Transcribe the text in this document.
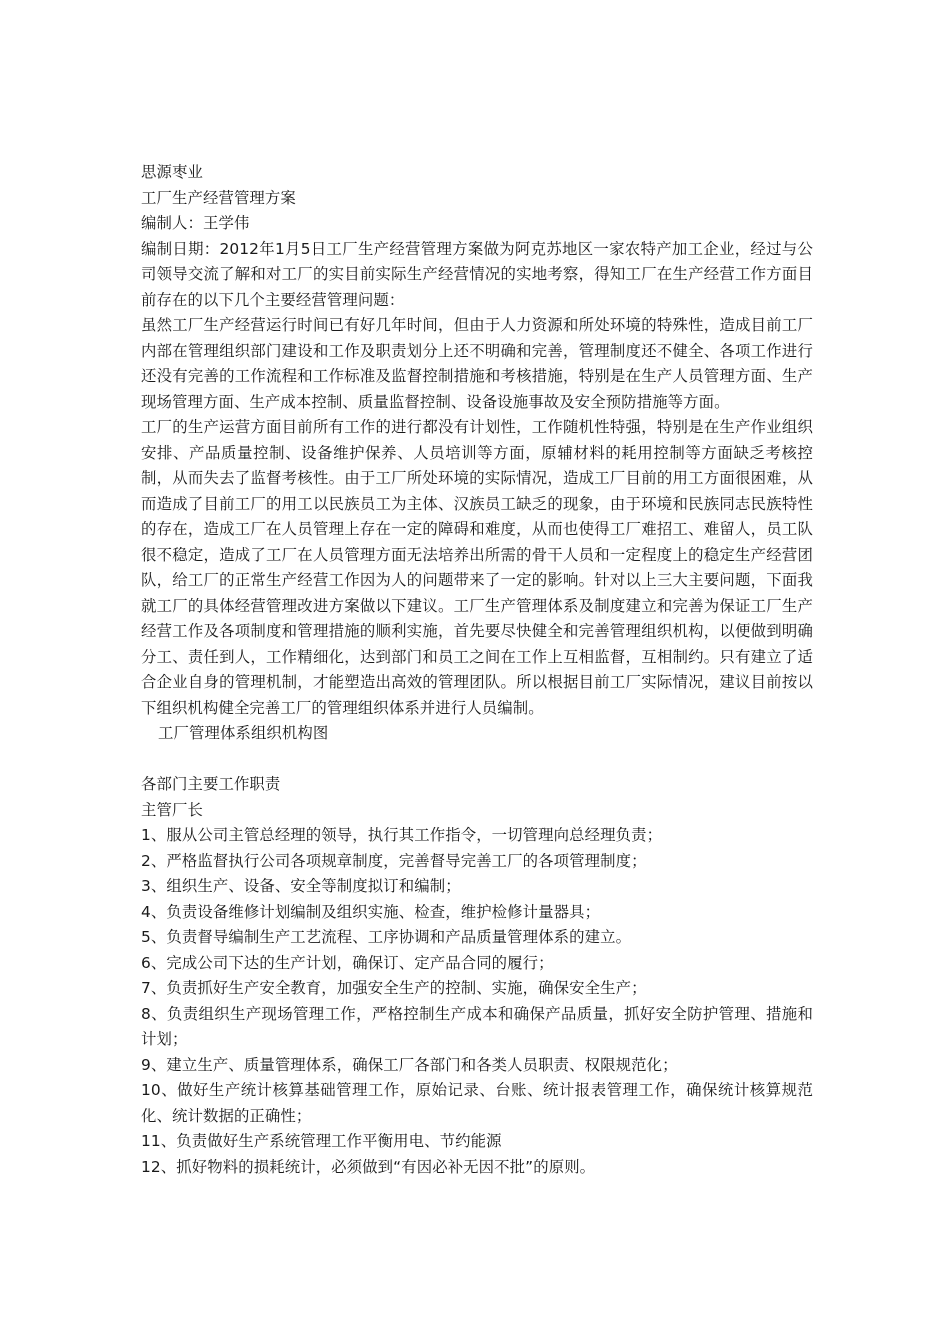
思源枣业
工厂生产经营管理方案
编制人：王学伟
编制日期：2012年1月5日工厂生产经营管理方案做为阿克苏地区一家农特产加工企业，经过与公司领导交流了解和对工厂的实目前实际生产经营情况的实地考察，得知工厂在生产经营工作方面目前存在的以下几个主要经营管理问题：
虽然工厂生产经营运行时间已有好几年时间，但由于人力资源和所处环境的特殊性，造成目前工厂内部在管理组织部门建设和工作及职责划分上还不明确和完善，管理制度还不健全、各项工作进行还没有完善的工作流程和工作标准及监督控制措施和考核措施，特别是在生产人员管理方面、生产现场管理方面、生产成本控制、质量监督控制、设备设施事故及安全预防措施等方面。
工厂的生产运营方面目前所有工作的进行都没有计划性，工作随机性特强，特别是在生产作业组织安排、产品质量控制、设备维护保养、人员培训等方面，原辅材料的耗用控制等方面缺乏考核控制，从而失去了监督考核性。由于工厂所处环境的实际情况，造成工厂目前的用工方面很困难，从而造成了目前工厂的用工以民族员工为主体、汉族员工缺乏的现象，由于环境和民族同志民族特性的存在，造成工厂在人员管理上存在一定的障碍和难度，从而也使得工厂难招工、难留人，员工队很不稳定，造成了工厂在人员管理方面无法培养出所需的骨干人员和一定程度上的稳定生产经营团队，给工厂的正常生产经营工作因为人的问题带来了一定的影响。针对以上三大主要问题，下面我就工厂的具体经营管理改进方案做以下建议。工厂生产管理体系及制度建立和完善为保证工厂生产经营工作及各项制度和管理措施的顺利实施，首先要尽快健全和完善管理组织机构，以便做到明确分工、责任到人，工作精细化，达到部门和员工之间在工作上互相监督，互相制约。只有建立了适合企业自身的管理机制，才能塑造出高效的管理团队。所以根据目前工厂实际情况，建议目前按以下组织机构健全完善工厂的管理组织体系并进行人员编制。
工厂管理体系组织机构图
各部门主要工作职责
主管厂长
1、服从公司主管总经理的领导，执行其工作指令，一切管理向总经理负责；
2、严格监督执行公司各项规章制度，完善督导完善工厂的各项管理制度；
3、组织生产、设备、安全等制度拟订和编制；
4、负责设备维修计划编制及组织实施、检查，维护检修计量器具；
5、负责督导编制生产工艺流程、工序协调和产品质量管理体系的建立。
6、完成公司下达的生产计划，确保订、定产品合同的履行；
7、负责抓好生产安全教育，加强安全生产的控制、实施，确保安全生产；
8、负责组织生产现场管理工作，严格控制生产成本和确保产品质量，抓好安全防护管理、措施和计划；
9、建立生产、质量管理体系，确保工厂各部门和各类人员职责、权限规范化；
10、做好生产统计核算基础管理工作，原始记录、台账、统计报表管理工作，确保统计核算规范化、统计数据的正确性；
11、负责做好生产系统管理工作平衡用电、节约能源
12、抓好物料的损耗统计，必须做到“有因必补无因不批”的原则。
